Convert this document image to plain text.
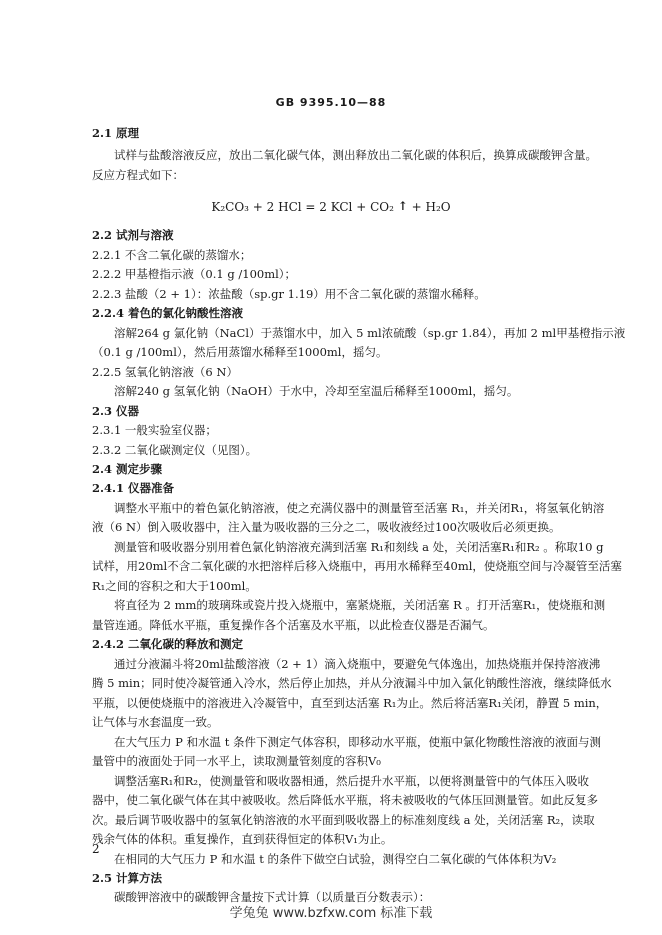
GB 9395.10—88
2.1 原理
试样与盐酸溶液反应，放出二氧化碳气体，测出释放出二氧化碳的体积后，换算成碳酸钾含量。
反应方程式如下：
2.2 试剂与溶液
2.2.1 不含二氧化碳的蒸馏水；
2.2.2 甲基橙指示液（0.1 g /100ml）；
2.2.3 盐酸（2 + 1）：浓盐酸（sp.gr 1.19）用不含二氧化碳的蒸馏水稀释。
2.2.4 着色的氯化钠酸性溶液
溶解264 g 氯化钠（NaCl）于蒸馏水中，加入 5 ml浓硫酸（sp.gr 1.84），再加 2 ml甲基橙指示液
（0.1 g /100ml），然后用蒸馏水稀释至1000ml，摇匀。
2.2.5 氢氧化钠溶液（6 N）
溶解240 g 氢氧化钠（NaOH）于水中，冷却至室温后稀释至1000ml，摇匀。
2.3 仪器
2.3.1 一般实验室仪器；
2.3.2 二氧化碳测定仪（见图）。
2.4 测定步骤
2.4.1 仪器准备
调整水平瓶中的着色氯化钠溶液，使之充满仪器中的测量管至活塞 R₁，并关闭R₁，将氢氧化钠溶
液（6 N）倒入吸收器中，注入量为吸收器的三分之二，吸收液经过100次吸收后必须更换。
测量管和吸收器分别用着色氯化钠溶液充满到活塞 R₁和刻线 a 处，关闭活塞R₁和R₂ 。称取10 g
试样，用20ml不含二氧化碳的水把溶样后移入烧瓶中，再用水稀释至40ml，使烧瓶空间与冷凝管至活塞
R₁之间的容积之和大于100ml。
将直径为 2 mm的玻璃珠或瓷片投入烧瓶中，塞紧烧瓶，关闭活塞 R 。打开活塞R₁，使烧瓶和测
量管连通。降低水平瓶，重复操作各个活塞及水平瓶，以此检查仪器是否漏气。
2.4.2 二氧化碳的释放和测定
通过分液漏斗将20ml盐酸溶液（2 + 1）滴入烧瓶中，要避免气体逸出，加热烧瓶并保持溶液沸
腾 5 min；同时使冷凝管通入冷水，然后停止加热，并从分液漏斗中加入氯化钠酸性溶液，继续降低水
平瓶，以便使烧瓶中的溶液进入冷凝管中，直至到达活塞 R₁为止。然后将活塞R₁关闭，静置 5 min，
让气体与水套温度一致。
在大气压力 P 和水温 t 条件下测定气体容积，即移动水平瓶，使瓶中氯化物酸性溶液的液面与测
量管中的液面处于同一水平上，读取测量管刻度的容积V₀
调整活塞R₁和R₂，使测量管和吸收器相通，然后提升水平瓶，以便将测量管中的气体压入吸收
器中，使二氧化碳气体在其中被吸收。然后降低水平瓶，将未被吸收的气体压回测量管。如此反复多
次。最后调节吸收器中的氢氧化钠溶液的水平面到吸收器上的标准刻度线 a 处，关闭活塞 R₂，读取
残余气体的体积。重复操作，直到获得恒定的体积V₁为止。
在相同的大气压力 P 和水温 t 的条件下做空白试验，测得空白二氧化碳的气体体积为V₂
2.5 计算方法
碳酸钾溶液中的碳酸钾含量按下式计算（以质量百分数表示）：
K₂CO₃ + 2 HCl = 2 KCl + CO₂ ↑ + H₂O
2
学兔兔 www.bzfxw.com 标准下载
